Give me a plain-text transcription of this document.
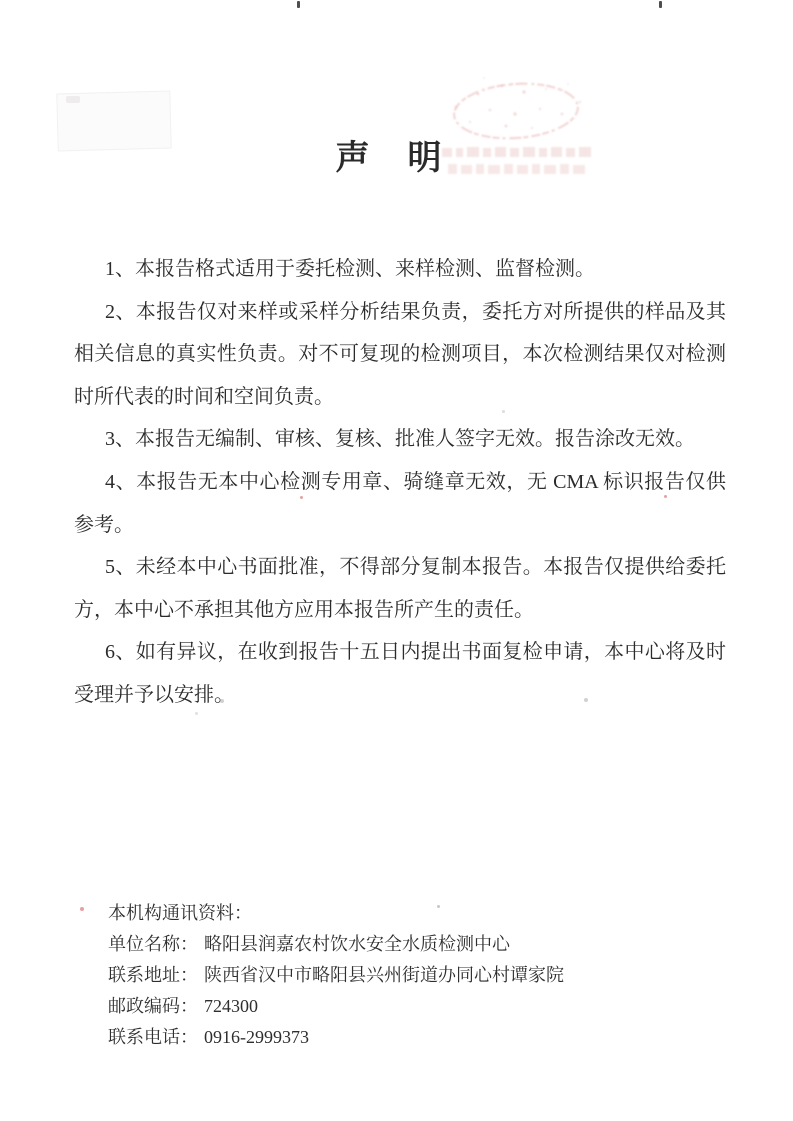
声　明

1、本报告格式适用于委托检测、来样检测、监督检测。

2、本报告仅对来样或采样分析结果负责，委托方对所提供的样品及其相关信息的真实性负责。对不可复现的检测项目，本次检测结果仅对检测时所代表的时间和空间负责。

3、本报告无编制、审核、复核、批准人签字无效。报告涂改无效。

4、本报告无本中心检测专用章、骑缝章无效，无 CMA 标识报告仅供参考。

5、未经本中心书面批准，不得部分复制本报告。本报告仅提供给委托方，本中心不承担其他方应用本报告所产生的责任。

6、如有异议，在收到报告十五日内提出书面复检申请，本中心将及时受理并予以安排。

本机构通讯资料：
单位名称： 略阳县润嘉农村饮水安全水质检测中心
联系地址： 陕西省汉中市略阳县兴州街道办同心村谭家院
邮政编码： 724300
联系电话： 0916-2999373
